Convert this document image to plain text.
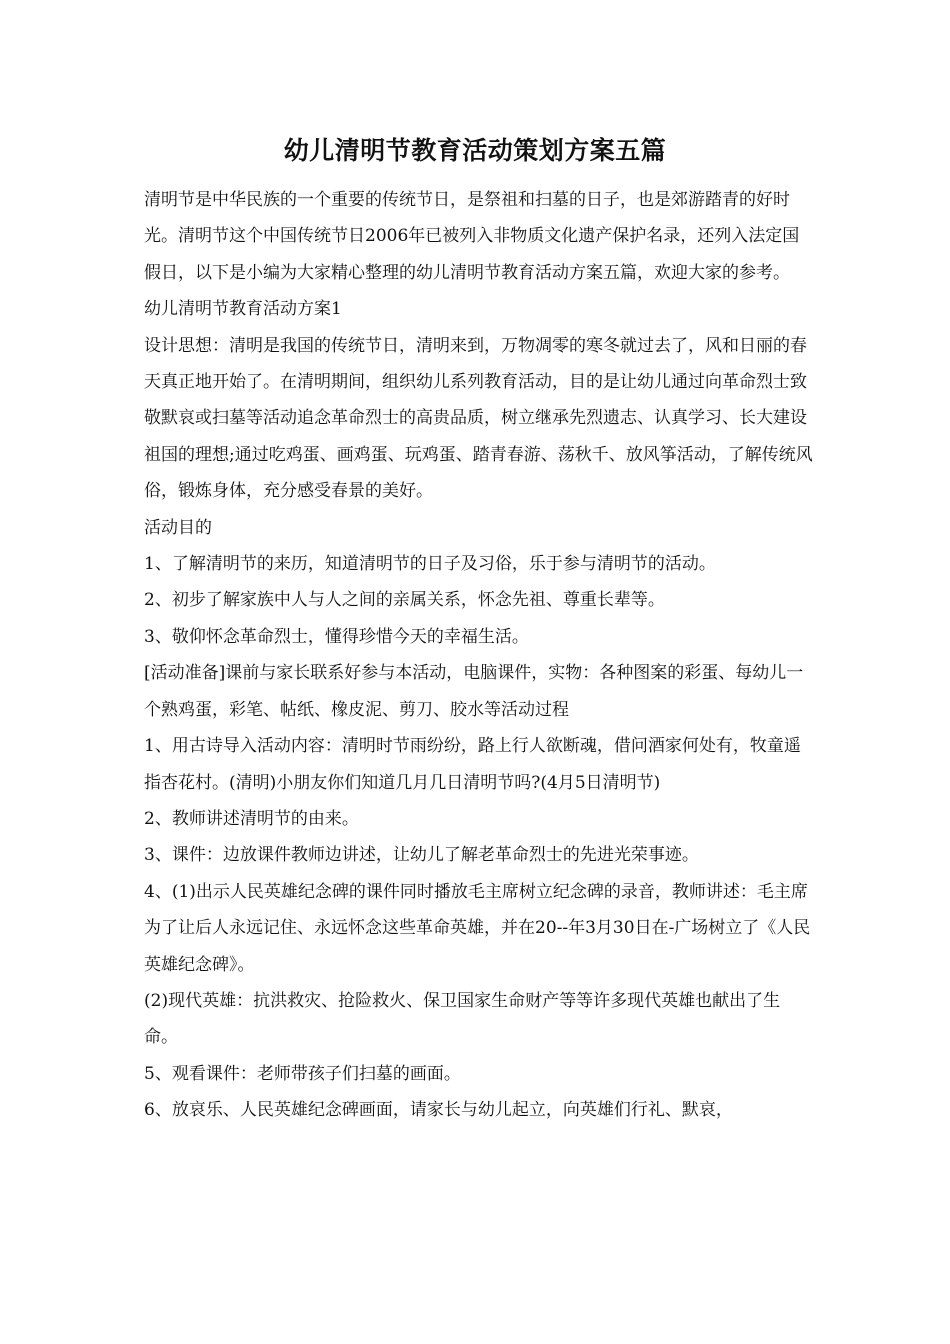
幼儿清明节教育活动策划方案五篇

清明节是中华民族的一个重要的传统节日，是祭祖和扫墓的日子，也是郊游踏青的好时光。清明节这个中国传统节日2006年已被列入非物质文化遗产保护名录，还列入法定国假日，以下是小编为大家精心整理的幼儿清明节教育活动方案五篇，欢迎大家的参考。

幼儿清明节教育活动方案1

设计思想：清明是我国的传统节日，清明来到，万物凋零的寒冬就过去了，风和日丽的春天真正地开始了。在清明期间，组织幼儿系列教育活动，目的是让幼儿通过向革命烈士致敬默哀或扫墓等活动追念革命烈士的高贵品质，树立继承先烈遗志、认真学习、长大建设祖国的理想;通过吃鸡蛋、画鸡蛋、玩鸡蛋、踏青春游、荡秋千、放风筝活动，了解传统风俗，锻炼身体，充分感受春景的美好。

活动目的

1、了解清明节的来历，知道清明节的日子及习俗，乐于参与清明节的活动。

2、初步了解家族中人与人之间的亲属关系，怀念先祖、尊重长辈等。

3、敬仰怀念革命烈士，懂得珍惜今天的幸福生活。

[活动准备]课前与家长联系好参与本活动，电脑课件，实物：各种图案的彩蛋、每幼儿一个熟鸡蛋，彩笔、帖纸、橡皮泥、剪刀、胶水等活动过程

1、用古诗导入活动内容：清明时节雨纷纷，路上行人欲断魂，借问酒家何处有，牧童遥指杏花村。(清明)小朋友你们知道几月几日清明节吗?(4月5日清明节)

2、教师讲述清明节的由来。

3、课件：边放课件教师边讲述，让幼儿了解老革命烈士的先进光荣事迹。

4、(1)出示人民英雄纪念碑的课件同时播放毛主席树立纪念碑的录音，教师讲述：毛主席为了让后人永远记住、永远怀念这些革命英雄，并在20--年3月30日在-广场树立了《人民英雄纪念碑》。

(2)现代英雄：抗洪救灾、抢险救火、保卫国家生命财产等等许多现代英雄也献出了生命。

5、观看课件：老师带孩子们扫墓的画面。

6、放哀乐、人民英雄纪念碑画面，请家长与幼儿起立，向英雄们行礼、默哀，
